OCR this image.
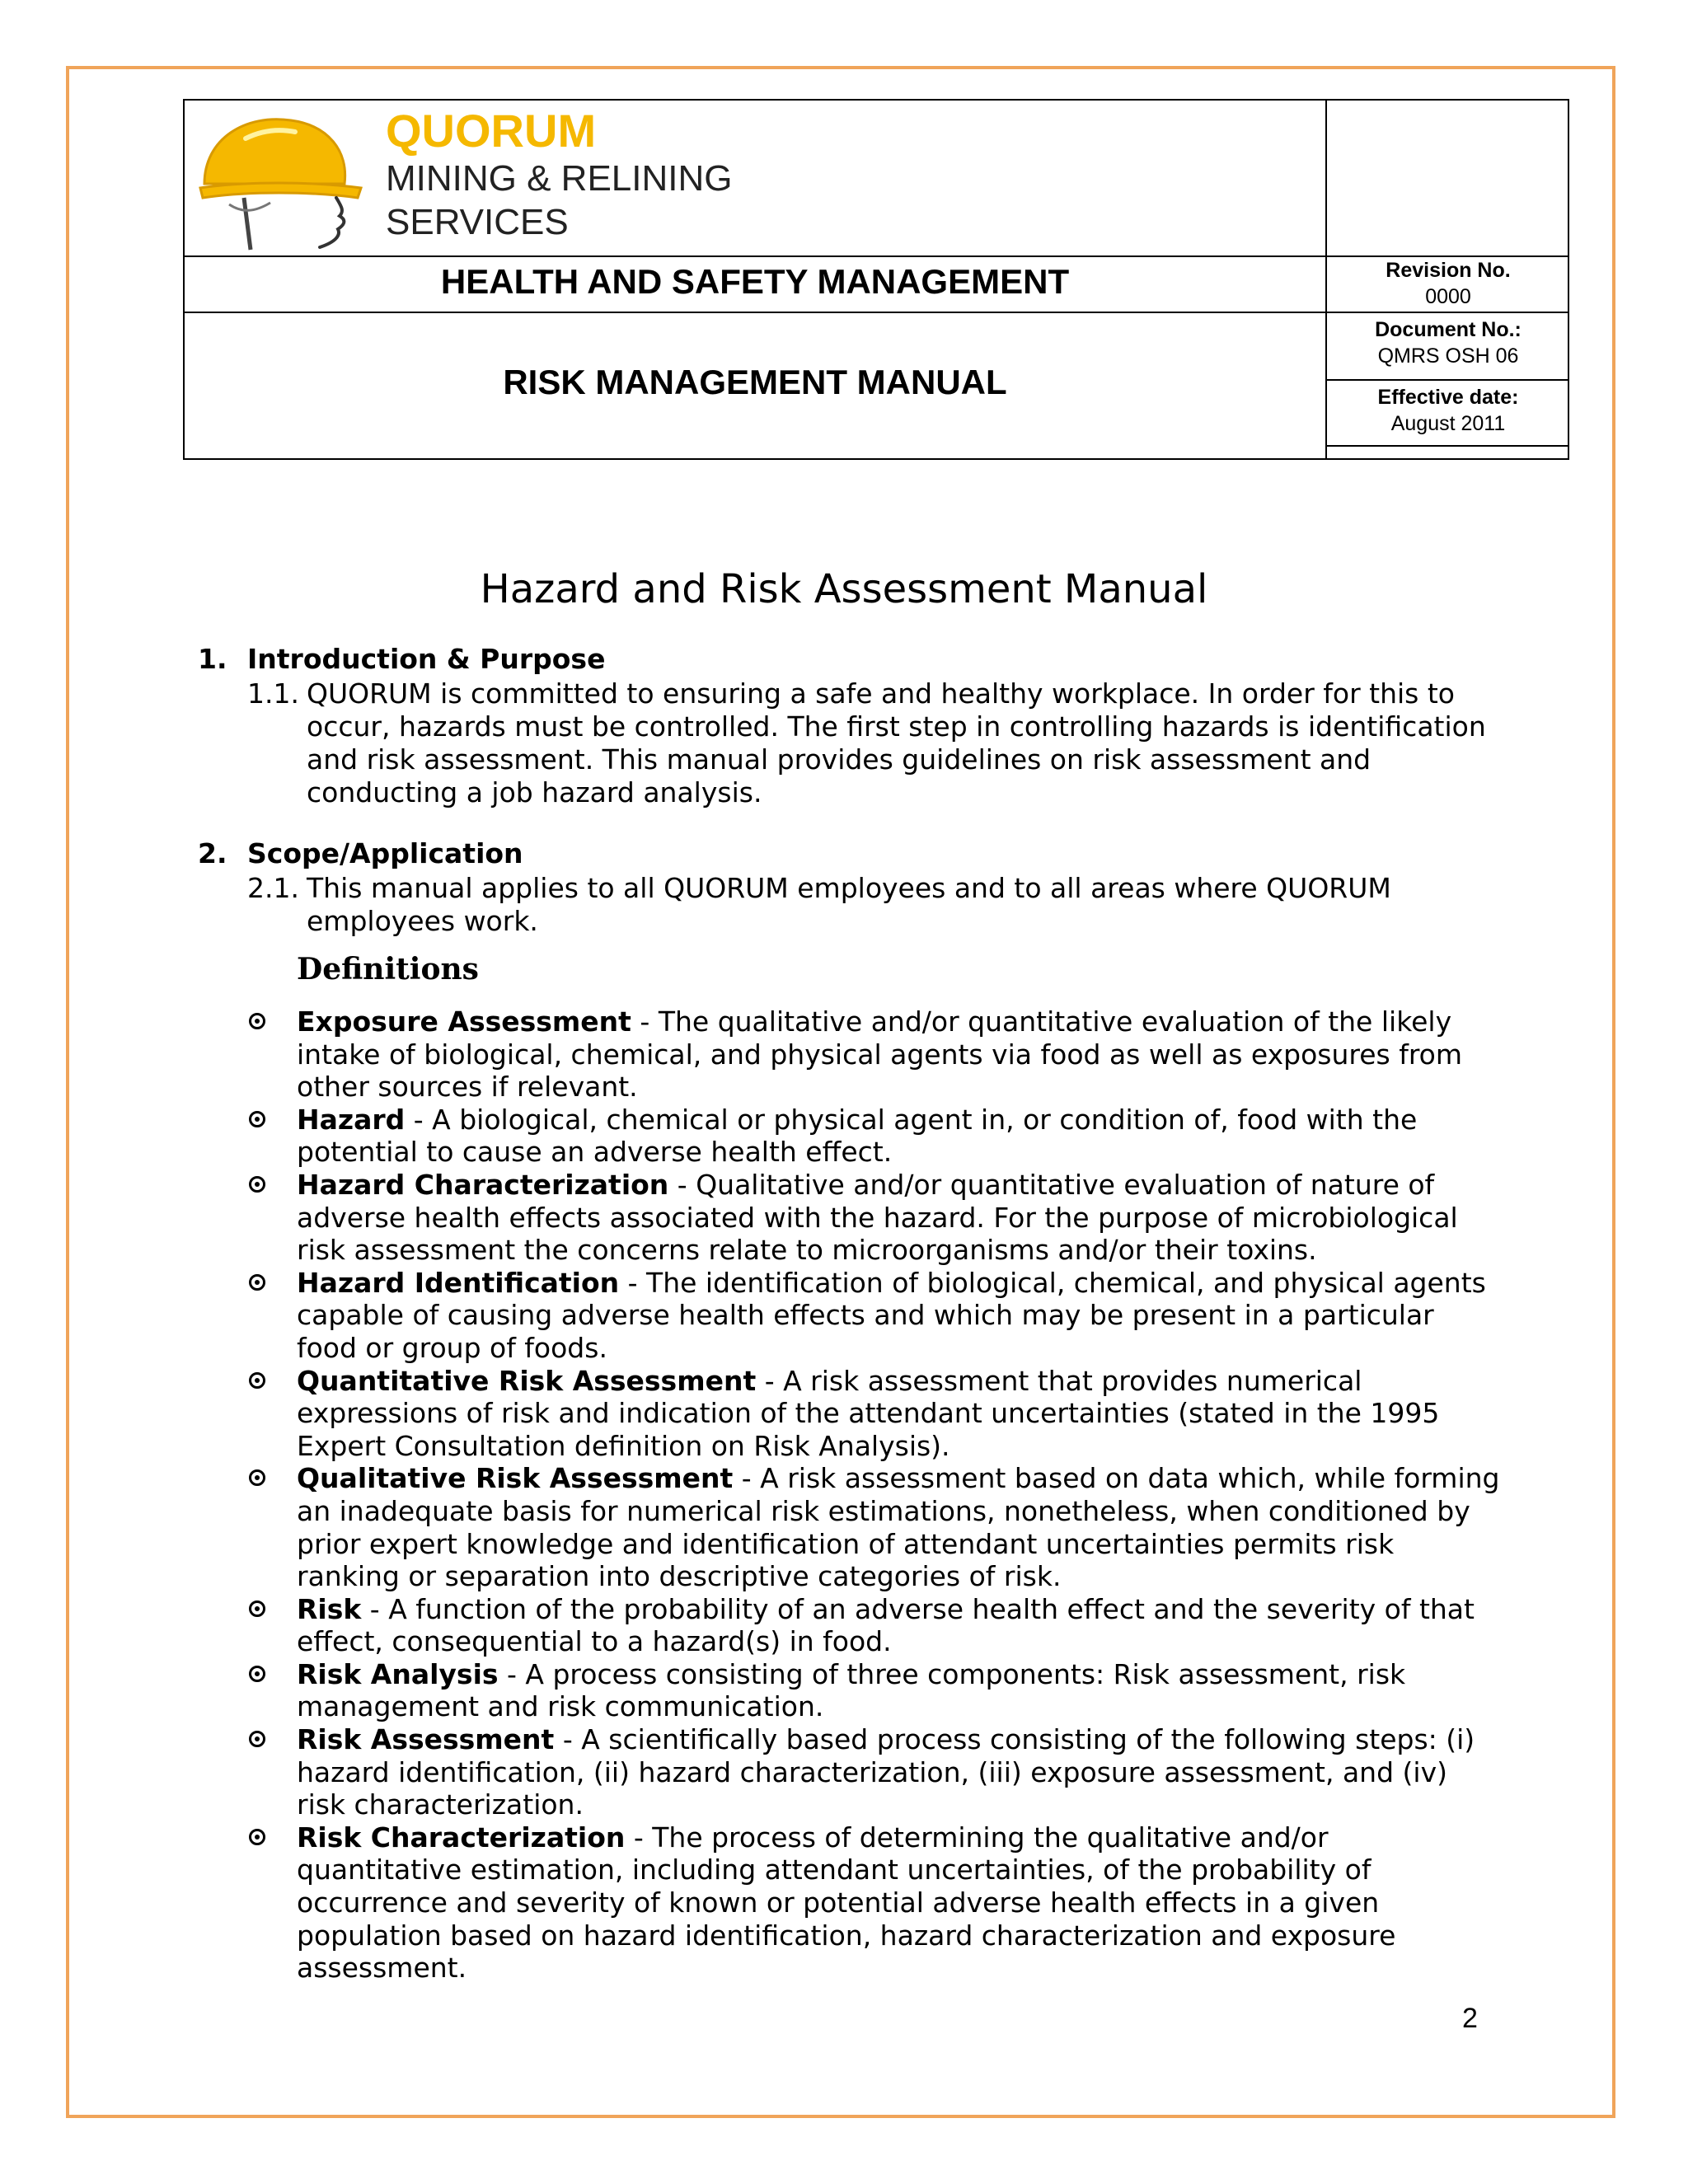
QUORUM
MINING & RELINING
SERVICES
HEALTH AND SAFETY MANAGEMENT
RISK MANAGEMENT MANUAL
Revision No.
0000
Document No.:
QMRS OSH 06
Effective date:
August 2011
Hazard and Risk Assessment Manual
1. Introduction & Purpose
1.1. QUORUM is committed to ensuring a safe and healthy workplace. In order for this to occur, hazards must be controlled. The first step in controlling hazards is identification and risk assessment. This manual provides guidelines on risk assessment and conducting a job hazard analysis.
2. Scope/Application
2.1. This manual applies to all QUORUM employees and to all areas where QUORUM employees work.
Definitions
Exposure Assessment - The qualitative and/or quantitative evaluation of the likely intake of biological, chemical, and physical agents via food as well as exposures from other sources if relevant.
Hazard - A biological, chemical or physical agent in, or condition of, food with the potential to cause an adverse health effect.
Hazard Characterization - Qualitative and/or quantitative evaluation of nature of adverse health effects associated with the hazard. For the purpose of microbiological risk assessment the concerns relate to microorganisms and/or their toxins.
Hazard Identification - The identification of biological, chemical, and physical agents capable of causing adverse health effects and which may be present in a particular food or group of foods.
Quantitative Risk Assessment - A risk assessment that provides numerical expressions of risk and indication of the attendant uncertainties (stated in the 1995 Expert Consultation definition on Risk Analysis).
Qualitative Risk Assessment - A risk assessment based on data which, while forming an inadequate basis for numerical risk estimations, nonetheless, when conditioned by prior expert knowledge and identification of attendant uncertainties permits risk ranking or separation into descriptive categories of risk.
Risk - A function of the probability of an adverse health effect and the severity of that effect, consequential to a hazard(s) in food.
Risk Analysis - A process consisting of three components: Risk assessment, risk management and risk communication.
Risk Assessment - A scientifically based process consisting of the following steps: (i) hazard identification, (ii) hazard characterization, (iii) exposure assessment, and (iv) risk characterization.
Risk Characterization - The process of determining the qualitative and/or quantitative estimation, including attendant uncertainties, of the probability of occurrence and severity of known or potential adverse health effects in a given population based on hazard identification, hazard characterization and exposure assessment.
2
